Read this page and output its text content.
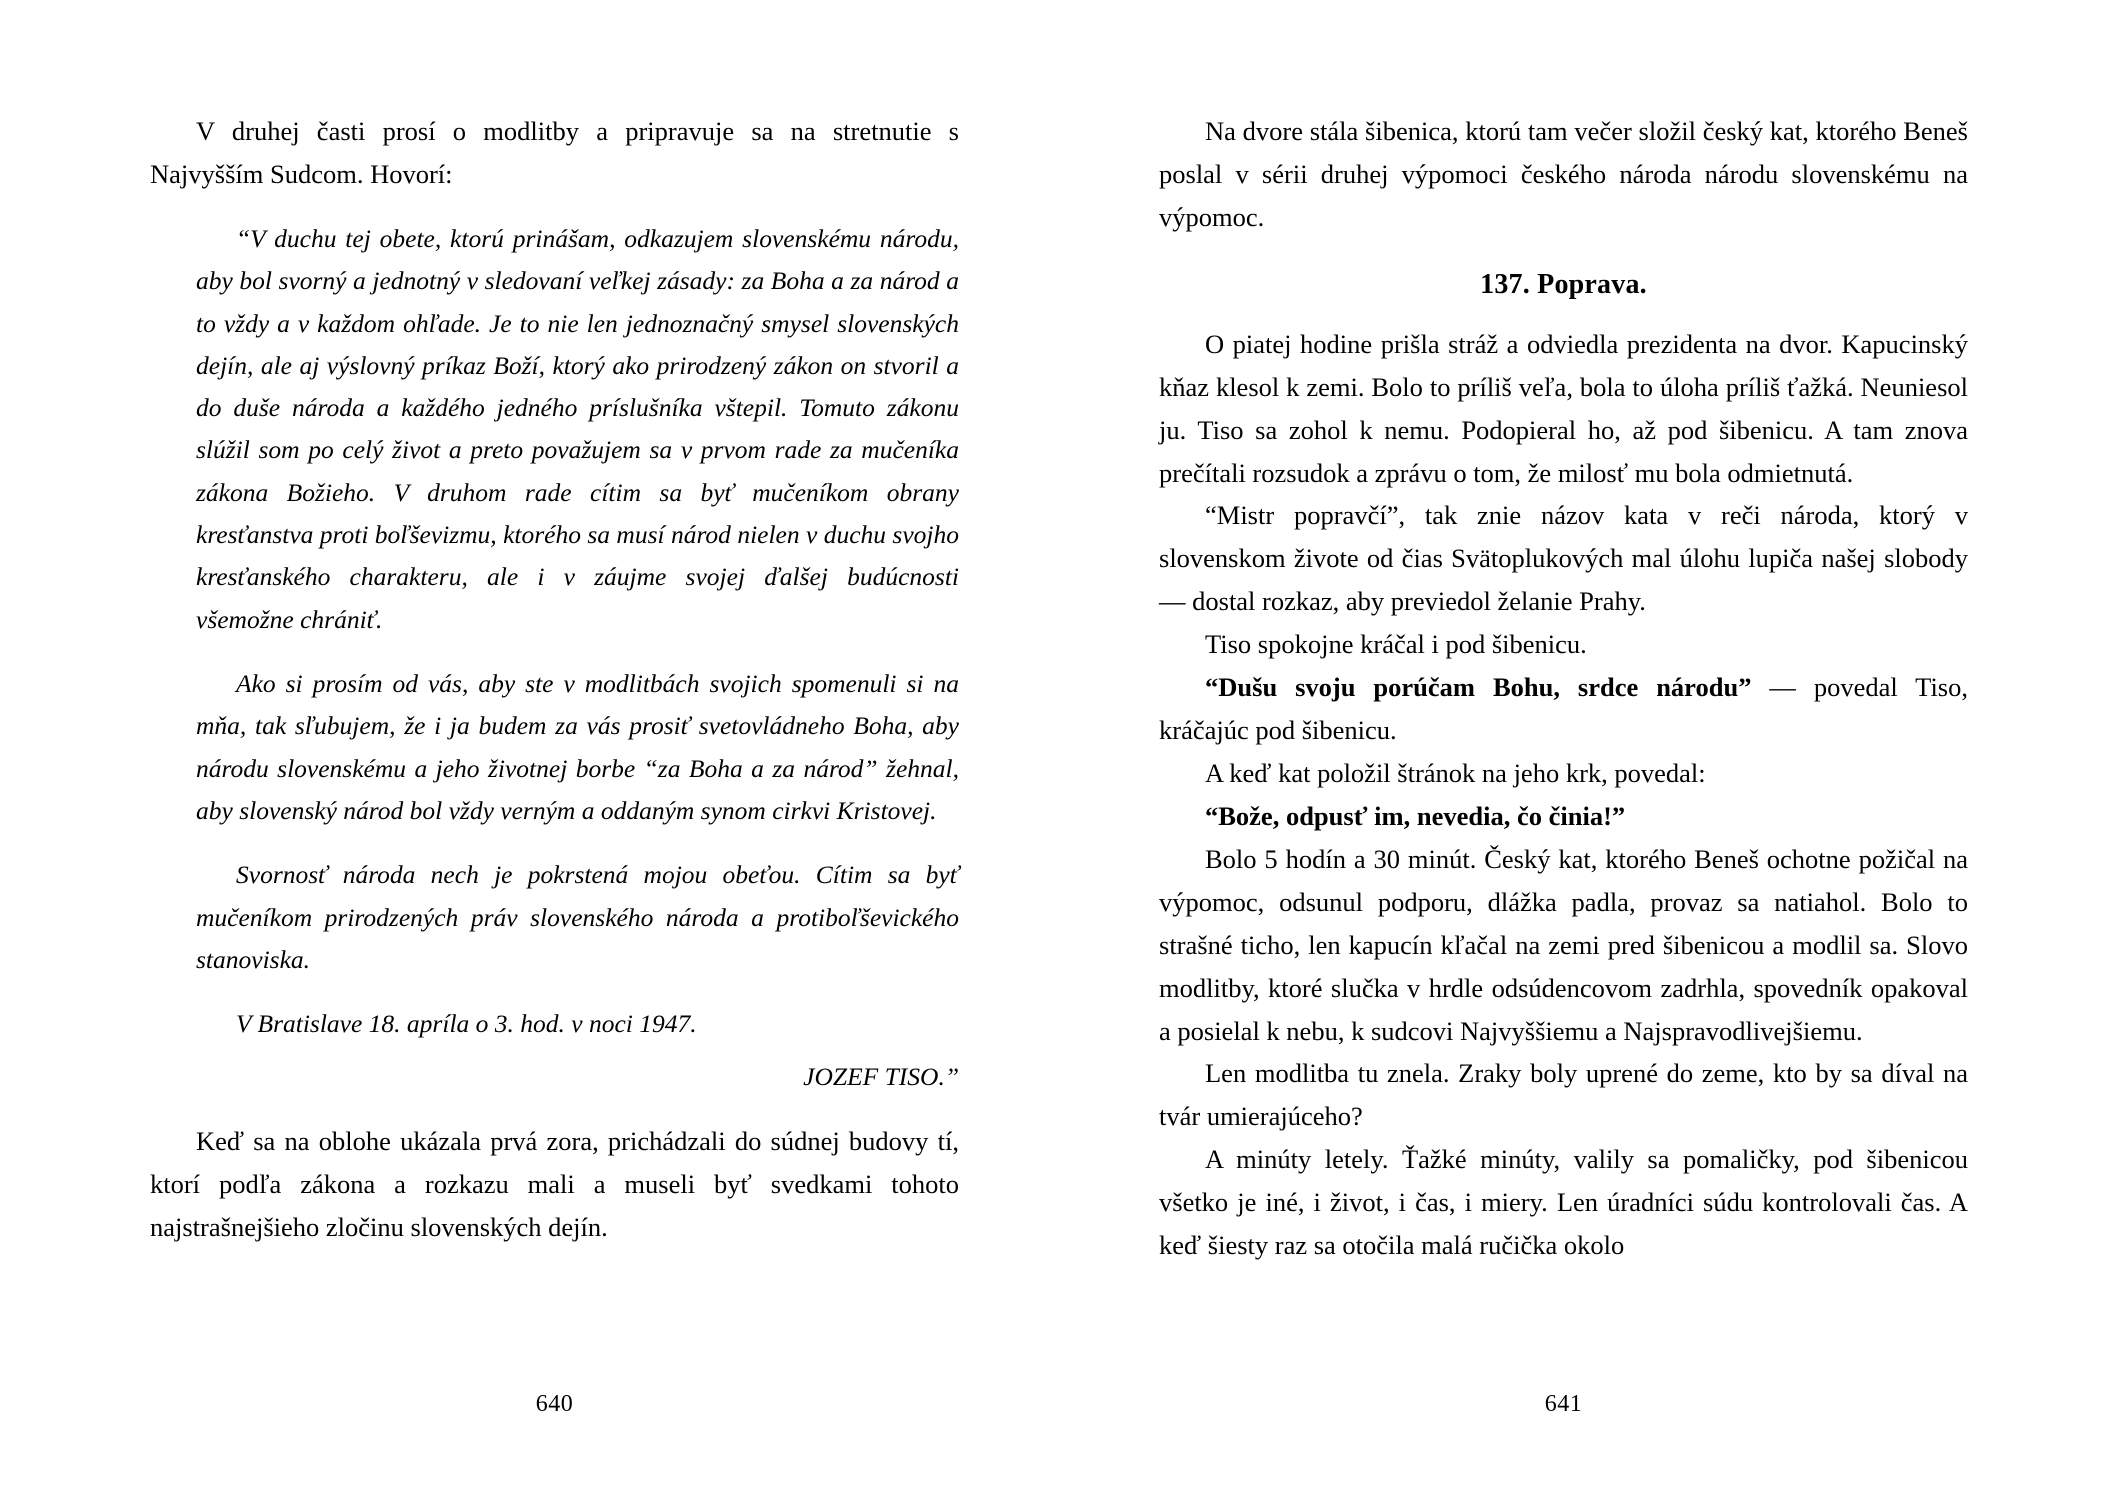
V druhej časti prosí o modlitby a pripravuje sa na stretnutie s Najvyšším Sudcom. Hovorí:

“V duchu tej obete, ktorú prinášam, odkazujem slovenskému národu, aby bol svorný a jednotný v sledovaní veľkej zásady: za Boha a za národ a to vždy a v každom ohľade. Je to nie len jednoznačný smysel slovenských dejín, ale aj výslovný príkaz Boží, ktorý ako prirodzený zákon on stvoril a do duše národa a každého jedného príslušníka vštepil. Tomuto zákonu slúžil som po celý život a preto považujem sa v prvom rade za mučeníka zákona Božieho. V druhom rade cítim sa byť mučeníkom obrany kresťanstva proti boľševizmu, ktorého sa musí národ nielen v duchu svojho kresťanského charakteru, ale i v záujme svojej ďalšej budúcnosti všemožne chrániť.

Ako si prosím od vás, aby ste v modlitbách svojich spomenuli si na mňa, tak sľubujem, že i ja budem za vás prosiť svetovládneho Boha, aby národu slovenskému a jeho životnej borbe “za Boha a za národ” žehnal, aby slovenský národ bol vždy verným a oddaným synom cirkvi Kristovej.

Svornosť národa nech je pokrstená mojou obeťou. Cítim sa byť mučeníkom prirodzených práv slovenského národa a protiboľševického stanoviska.

V Bratislave 18. apríla o 3. hod. v noci 1947.

JOZEF TISO.”

Keď sa na oblohe ukázala prvá zora, prichádzali do súdnej budovy tí, ktorí podľa zákona a rozkazu mali a museli byť svedkami tohoto najstrašnejšieho zločinu slovenských dejín.

640

Na dvore stála šibenica, ktorú tam večer složil český kat, ktorého Beneš poslal v sérii druhej výpomoci českého národa národu slovenskému na výpomoc.

137. Poprava.

O piatej hodine prišla stráž a odviedla prezidenta na dvor. Kapucinský kňaz klesol k zemi. Bolo to príliš veľa, bola to úloha príliš ťažká. Neuniesol ju. Tiso sa zohol k nemu. Podopieral ho, až pod šibenicu. A tam znova prečítali rozsudok a zprávu o tom, že milosť mu bola odmietnutá.

“Mistr popravčí”, tak znie názov kata v reči národa, ktorý v slovenskom živote od čias Svätoplukových mal úlohu lupiča našej slobody — dostal rozkaz, aby previedol želanie Prahy.

Tiso spokojne kráčal i pod šibenicu.

“Dušu svoju porúčam Bohu, srdce národu” — povedal Tiso, kráčajúc pod šibenicu.

A keď kat položil štránok na jeho krk, povedal:

“Bože, odpusť im, nevedia, čo činia!”

Bolo 5 hodín a 30 minút. Český kat, ktorého Beneš ochotne požičal na výpomoc, odsunul podporu, dlážka padla, provaz sa natiahol. Bolo to strašné ticho, len kapucín kľačal na zemi pred šibenicou a modlil sa. Slovo modlitby, ktoré slučka v hrdle odsúdencovom zadrhla, spovedník opakoval a posielal k nebu, k sudcovi Najvyššiemu a Najspravodlivejšiemu.

Len modlitba tu znela. Zraky boly uprené do zeme, kto by sa díval na tvár umierajúceho?

A minúty letely. Ťažké minúty, valily sa pomaličky, pod šibenicou všetko je iné, i život, i čas, i miery. Len úradníci súdu kontrolovali čas. A keď šiesty raz sa otočila malá ručička okolo

641
